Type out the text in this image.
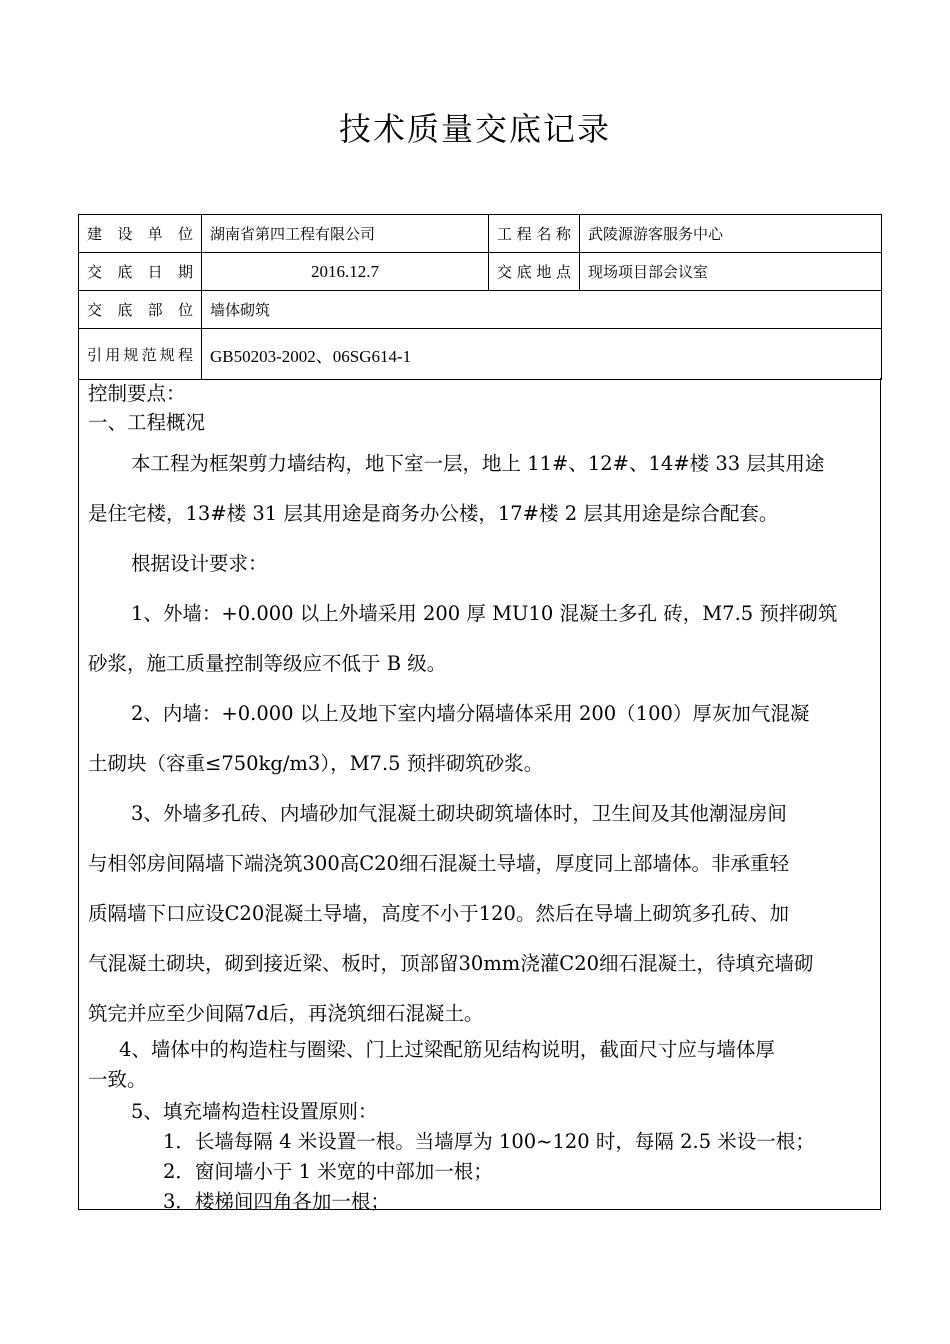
技术质量交底记录
建 设 单 位	湖南省第四工程有限公司	工程名称	武陵源游客服务中心
交 底 日 期	2016.12.7	交底地点	现场项目部会议室
交 底 部 位	墙体砌筑		
引用规范规程	GB50203-2002、06SG614-1		
控制要点：
一、工程概况
本工程为框架剪力墙结构，地下室一层，地上 11#、12#、14#楼 33 层其用途
是住宅楼，13#楼 31 层其用途是商务办公楼，17#楼 2 层其用途是综合配套。
根据设计要求：
1、外墙：+0.000 以上外墙采用 200 厚 MU10 混凝土多孔 砖，M7.5 预拌砌筑
砂浆，施工质量控制等级应不低于 B 级。
2、内墙：+0.000 以上及地下室内墙分隔墙体采用 200（100）厚灰加气混凝
土砌块（容重≤750kg/m3），M7.5 预拌砌筑砂浆。
3、外墙多孔砖、内墙砂加气混凝土砌块砌筑墙体时，卫生间及其他潮湿房间
与相邻房间隔墙下端浇筑300高C20细石混凝土导墙，厚度同上部墙体。非承重轻
质隔墙下口应设C20混凝土导墙，高度不小于120。然后在导墙上砌筑多孔砖、加
气混凝土砌块，砌到接近梁、板时，顶部留30mm浇灌C20细石混凝土，待填充墙砌
筑完并应至少间隔7d后，再浇筑细石混凝土。
4、墙体中的构造柱与圈梁、门上过梁配筋见结构说明，截面尺寸应与墙体厚
一致。
5、填充墙构造柱设置原则：
1．长墙每隔 4 米设置一根。当墙厚为 100~120 时，每隔 2.5 米设一根；
2．窗间墙小于 1 米宽的中部加一根；
3．楼梯间四角各加一根；
